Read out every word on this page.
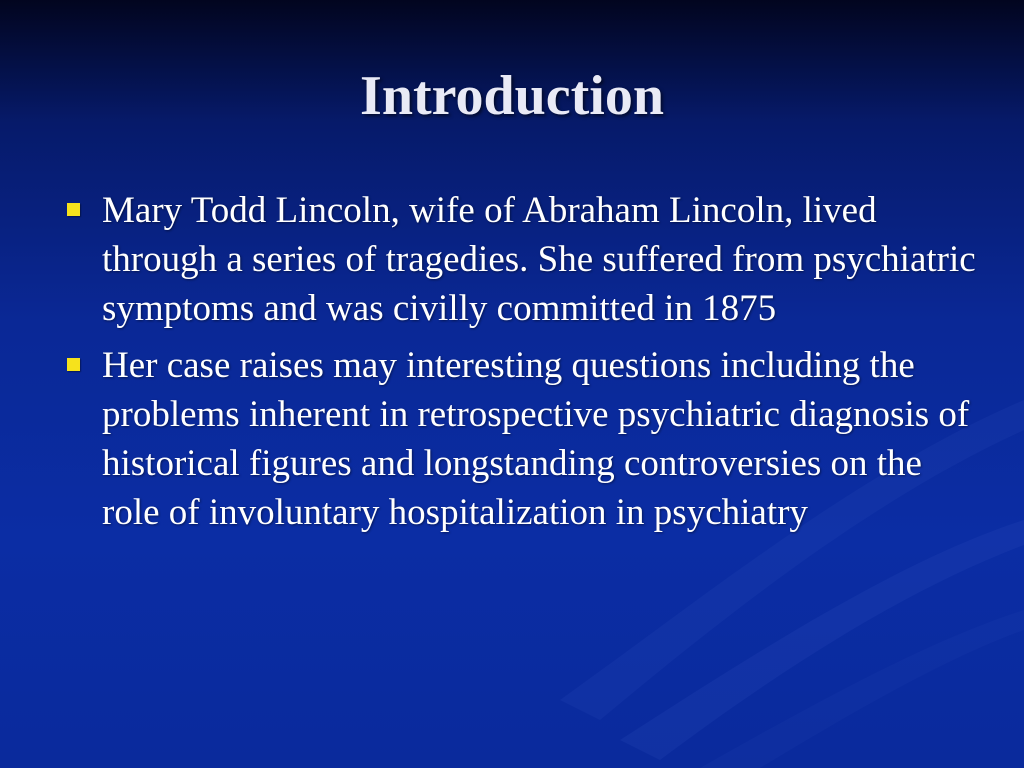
Introduction
Mary Todd Lincoln, wife of Abraham Lincoln, lived through a series of tragedies. She suffered from psychiatric symptoms and was civilly committed in 1875
Her case raises may interesting questions including the problems inherent in retrospective psychiatric diagnosis of historical figures and longstanding controversies on the role of involuntary hospitalization in psychiatry
